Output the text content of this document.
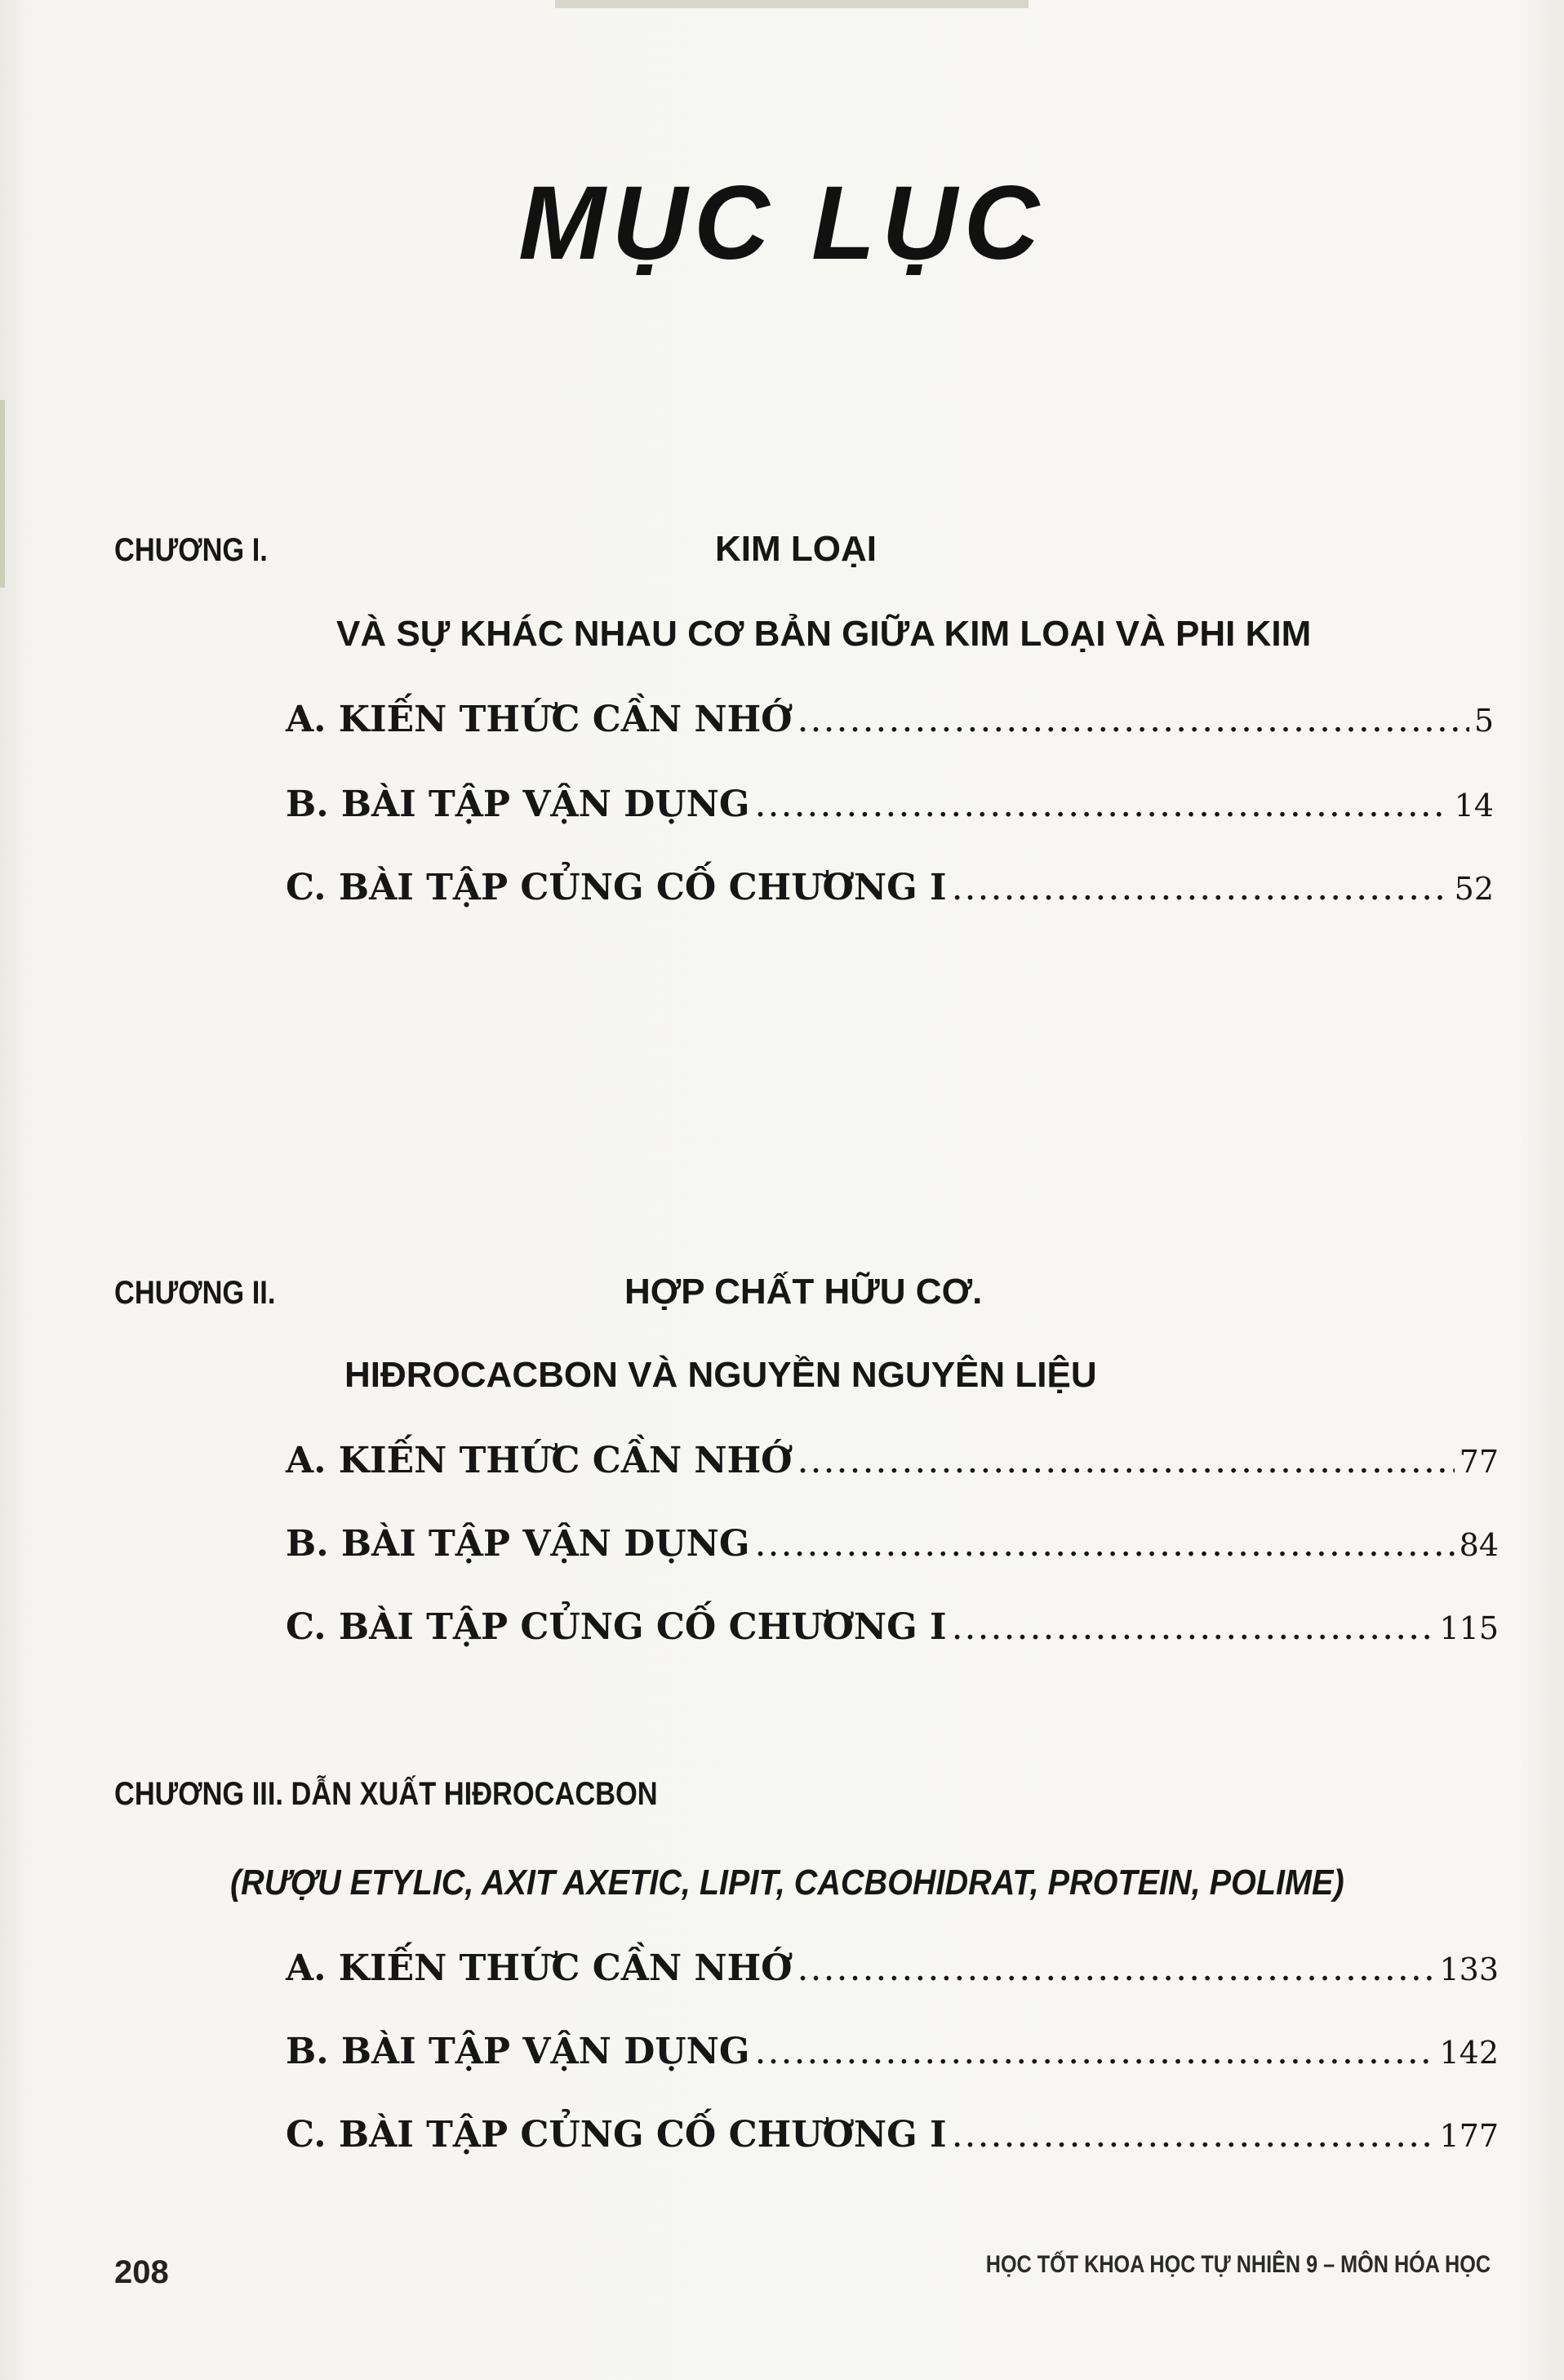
MỤC LỤC
CHƯƠNG I.	KIM LOẠI
VÀ SỰ KHÁC NHAU CƠ BẢN GIỮA KIM LOẠI VÀ PHI KIM
A. KIẾN THỨC CẦN NHỚ .....	5
B. BÀI TẬP VẬN DỤNG .....	14
C. BÀI TẬP CỦNG CỐ CHƯƠNG I .....	52
CHƯƠNG II.	HỢP CHẤT HỮU CƠ.
HIĐROCACBON VÀ NGUYỀN NGUYÊN LIỆU
A. KIẾN THỨC CẦN NHỚ .....	77
B. BÀI TẬP VẬN DỤNG .....	84
C. BÀI TẬP CỦNG CỐ CHƯƠNG I .....	115
CHƯƠNG III. DẪN XUẤT HIĐROCACBON
(RƯỢU ETYLIC, AXIT AXETIC, LIPIT, CACBOHIDRAT, PROTEIN, POLIME)
A. KIẾN THỨC CẦN NHỚ .....	133
B. BÀI TẬP VẬN DỤNG .....	142
C. BÀI TẬP CỦNG CỐ CHƯƠNG I .....	177
208	HỌC TỐT KHOA HỌC TỰ NHIÊN 9 – MÔN HÓA HỌC
